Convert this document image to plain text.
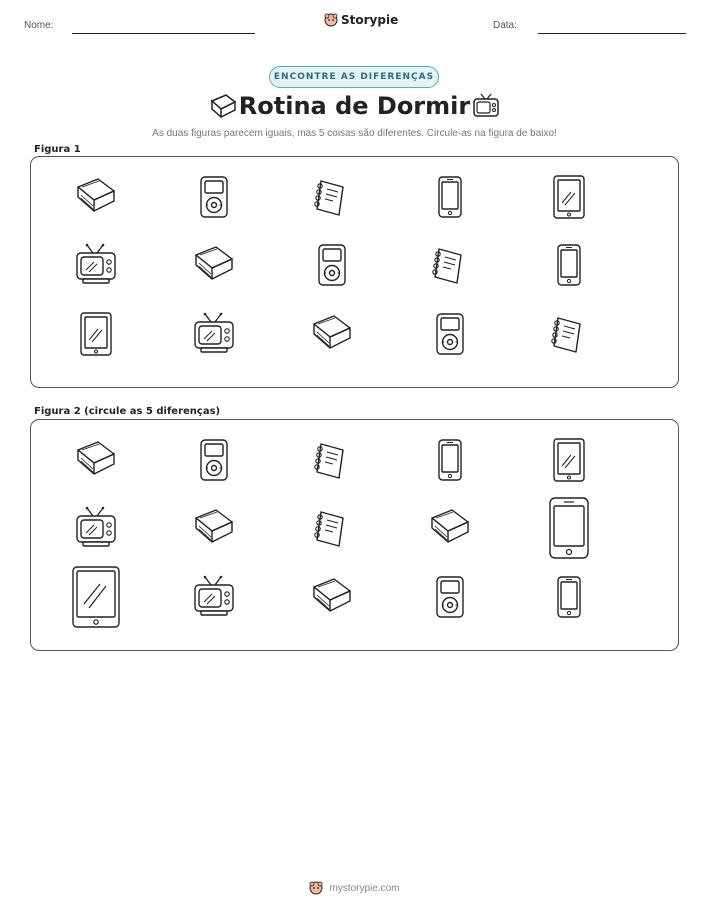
Nome:	Storypie	Data:
ENCONTRE AS DIFERENÇAS
Rotina de Dormir
As duas figuras parecem iguais, mas 5 coisas são diferentes. Circule-as na figura de baixo!
Figura 1
Figura 2 (circule as 5 diferenças)
mystorypie.com
